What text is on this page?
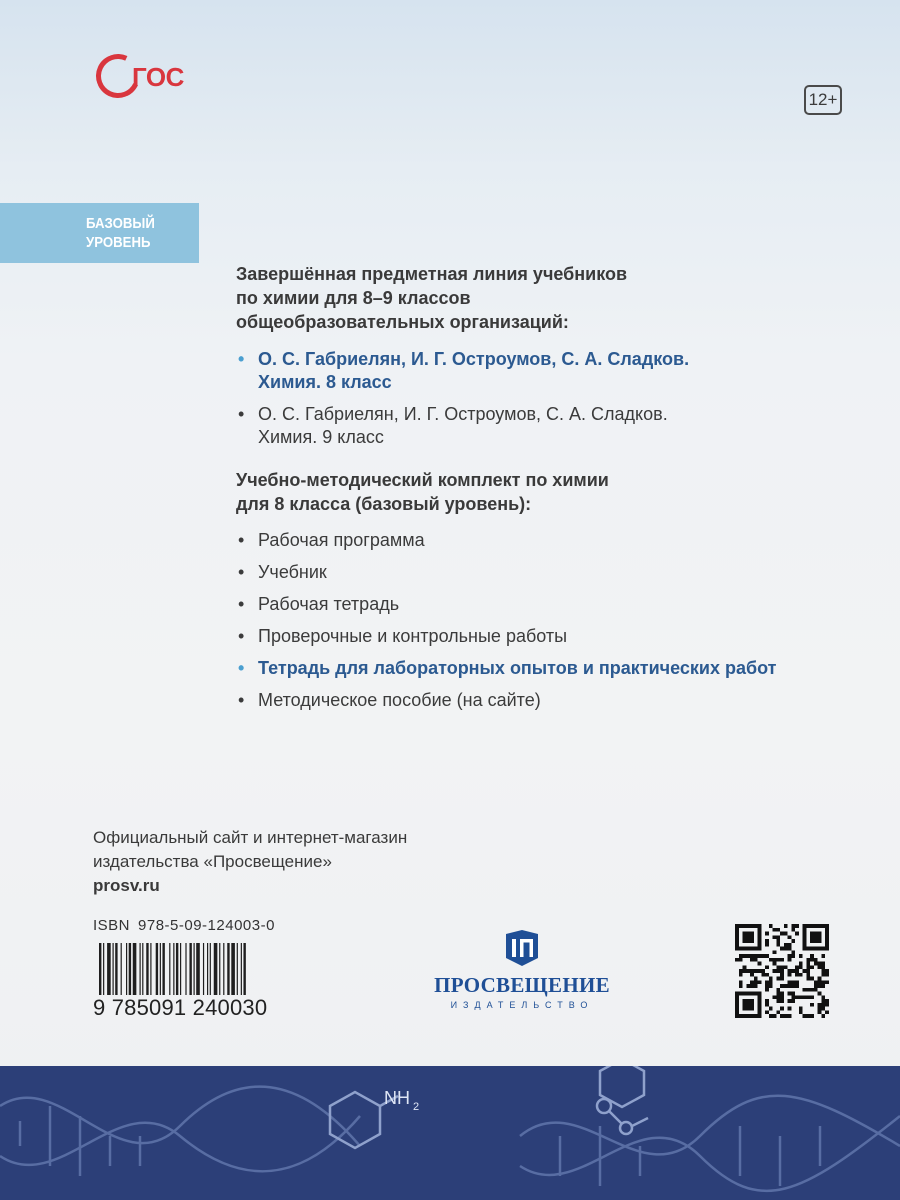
ГОС
12+
БАЗОВЫЙ
УРОВЕНЬ
Завершённая предметная линия учебников
по химии для 8–9 классов
общеобразовательных организаций:
• О. С. Габриелян, И. Г. Остроумов, С. А. Сладков.
Химия. 8 класс
• О. С. Габриелян, И. Г. Остроумов, С. А. Сладков.
Химия. 9 класс
Учебно-методический комплект по химии
для 8 класса (базовый уровень):
• Рабочая программа
• Учебник
• Рабочая тетрадь
• Проверочные и контрольные работы
• Тетрадь для лабораторных опытов и практических работ
• Методическое пособие (на сайте)
Официальный сайт и интернет-магазин
издательства «Просвещение»
prosv.ru
ISBN 978-5-09-124003-0
9 785091 240030
ПРОСВЕЩЕНИЕ
ИЗДАТЕЛЬСТВО
NH 2
